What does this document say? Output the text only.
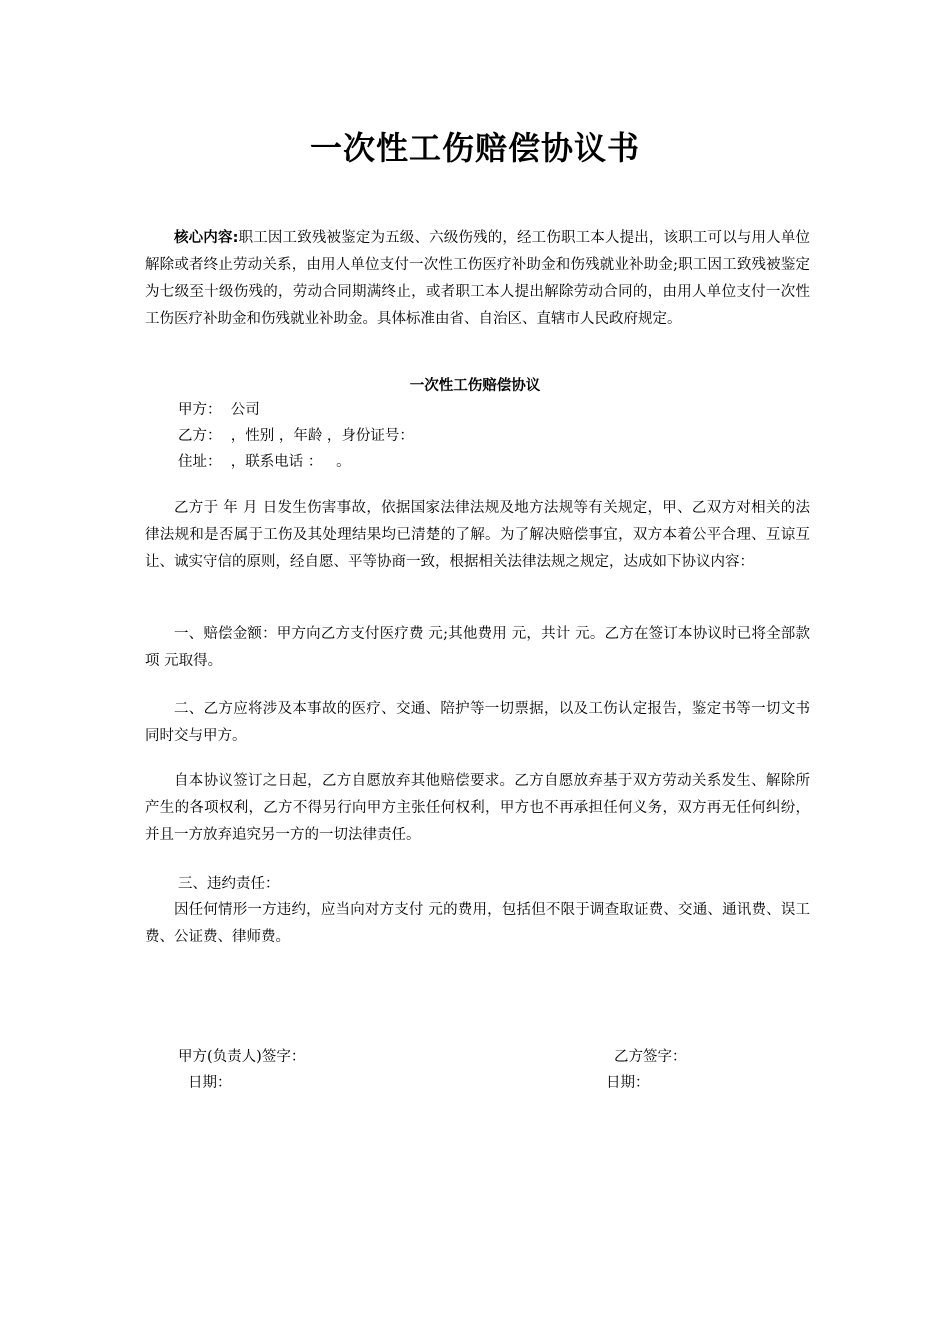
一次性工伤赔偿协议书
核心内容:职工因工致残被鉴定为五级、六级伤残的，经工伤职工本人提出，该职工可以与用人单位解除或者终止劳动关系，由用人单位支付一次性工伤医疗补助金和伤残就业补助金;职工因工致残被鉴定为七级至十级伤残的，劳动合同期满终止，或者职工本人提出解除劳动合同的，由用人单位支付一次性工伤医疗补助金和伤残就业补助金。具体标准由省、自治区、直辖市人民政府规定。
一次性工伤赔偿协议
甲方：  公司
乙方：  ，性别 ，年龄 ，身份证号：
住址：  ，联系电话 ：   。
乙方于 年 月 日发生伤害事故，依据国家法律法规及地方法规等有关规定，甲、乙双方对相关的法律法规和是否属于工伤及其处理结果均已清楚的了解。为了解决赔偿事宜，双方本着公平合理、互谅互让、诚实守信的原则，经自愿、平等协商一致，根据相关法律法规之规定，达成如下协议内容：
一、赔偿金额：甲方向乙方支付医疗费 元;其他费用 元，共计 元。乙方在签订本协议时已将全部款项 元取得。
二、乙方应将涉及本事故的医疗、交通、陪护等一切票据，以及工伤认定报告，鉴定书等一切文书同时交与甲方。
自本协议签订之日起，乙方自愿放弃其他赔偿要求。乙方自愿放弃基于双方劳动关系发生、解除所产生的各项权利，乙方不得另行向甲方主张任何权利，甲方也不再承担任何义务，双方再无任何纠纷，并且一方放弃追究另一方的一切法律责任。
三、违约责任：
因任何情形一方违约，应当向对方支付 元的费用，包括但不限于调查取证费、交通、通讯费、误工费、公证费、律师费。
甲方(负责人)签字：
日期：
乙方签字：
日期：
